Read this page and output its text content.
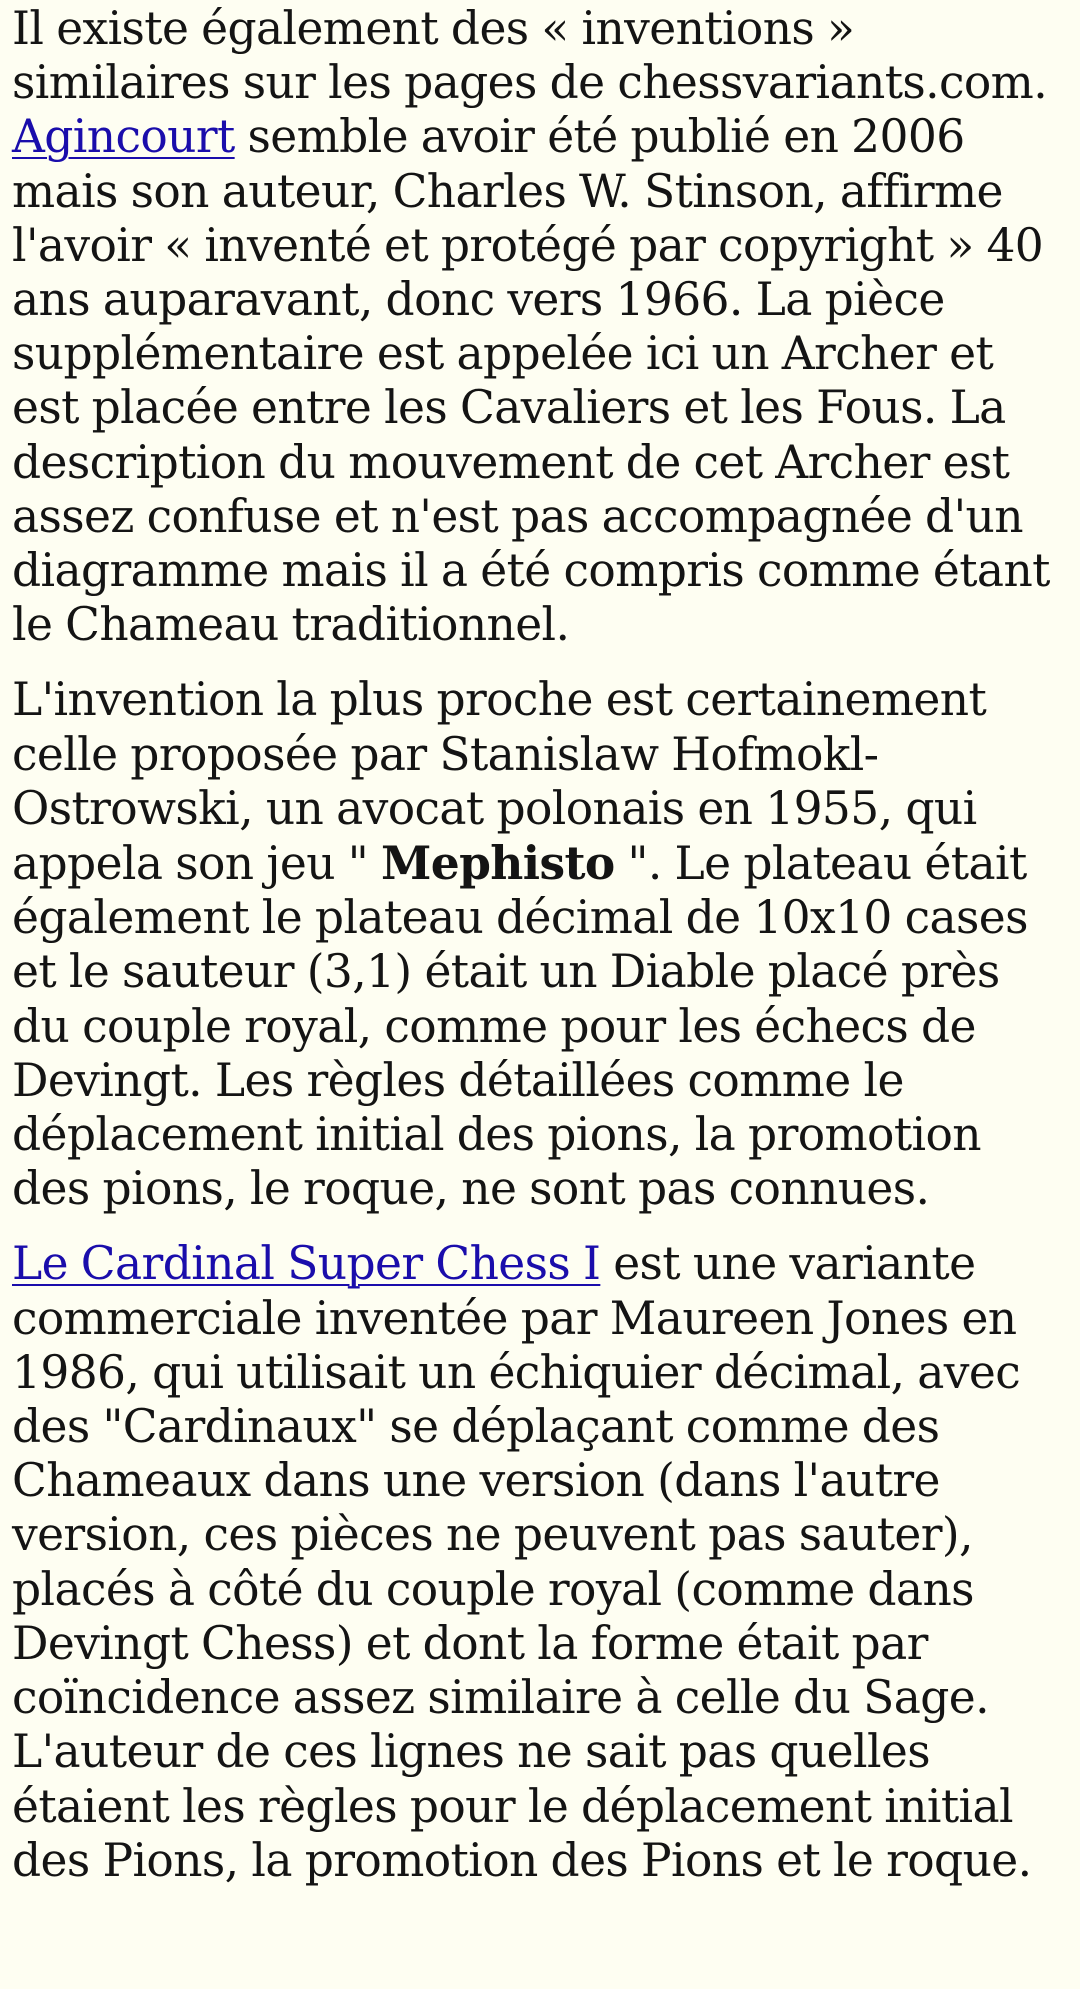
Il existe également des « inventions » similaires sur les pages de chessvariants.com. Agincourt semble avoir été publié en 2006 mais son auteur, Charles W. Stinson, affirme l'avoir « inventé et protégé par copyright » 40 ans auparavant, donc vers 1966. La pièce supplémentaire est appelée ici un Archer et est placée entre les Cavaliers et les Fous. La description du mouvement de cet Archer est assez confuse et n'est pas accompagnée d'un diagramme mais il a été compris comme étant le Chameau traditionnel.

L'invention la plus proche est certainement celle proposée par Stanislaw Hofmokl-Ostrowski, un avocat polonais en 1955, qui appela son jeu " Mephisto ". Le plateau était également le plateau décimal de 10x10 cases et le sauteur (3,1) était un Diable placé près du couple royal, comme pour les échecs de Devingt. Les règles détaillées comme le déplacement initial des pions, la promotion des pions, le roque, ne sont pas connues.

Le Cardinal Super Chess I est une variante commerciale inventée par Maureen Jones en 1986, qui utilisait un échiquier décimal, avec des "Cardinaux" se déplaçant comme des Chameaux dans une version (dans l'autre version, ces pièces ne peuvent pas sauter), placés à côté du couple royal (comme dans Devingt Chess) et dont la forme était par coïncidence assez similaire à celle du Sage. L'auteur de ces lignes ne sait pas quelles étaient les règles pour le déplacement initial des Pions, la promotion des Pions et le roque.
